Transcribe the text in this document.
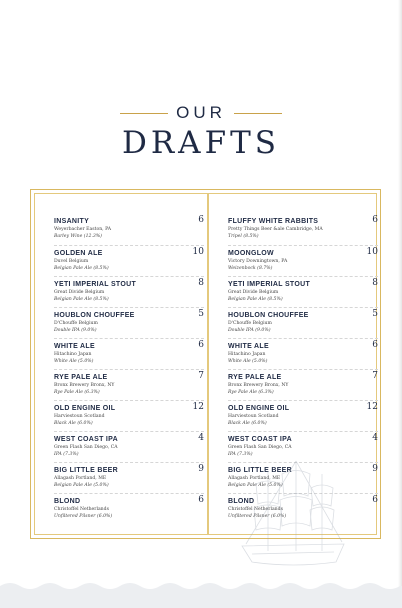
OUR
DRAFTS
INSANITY
Weyerbacher Easton, PA
Barley Wine (12.3%)
6
GOLDEN ALE
Duvel Belgium
Belgian Pale Ale (8.5%)
10
YETI IMPERIAL STOUT
Great Divide Belgium
Belgian Pale Ale (8.5%)
8
HOUBLON CHOUFFEE
D'Chouffe Belgium
Double IPA (9.0%)
5
WHITE ALE
Hitachino Japan
White Ale (5.0%)
6
RYE PALE ALE
Bronx Brewery Bronx, NY
Rye Pale Ale (6.3%)
7
OLD ENGINE OIL
Harviestoun Scotland
Black Ale (6.0%)
12
WEST COAST IPA
Green Flash San Diego, CA
IPA (7.3%)
4
BIG LITTLE BEER
Allagash Portland, ME
Belgian Pale Ale (5.0%)
9
BLOND
Christoffel Netherlands
Unfiltered Pilsner (6.0%)
6
FLUFFY WHITE RABBITS
Pretty Things Beer &ale Cambridge, MA
Tripel (8.5%)
6
MOONGLOW
Victory Downingtown, PA
Weizenbock (8.7%)
10
YETI IMPERIAL STOUT
Great Divide Belgium
Belgian Pale Ale (8.5%)
8
HOUBLON CHOUFFEE
D'Chouffe Belgium
Double IPA (9.0%)
5
WHITE ALE
Hitachino Japan
White Ale (5.0%)
6
RYE PALE ALE
Bronx Brewery Bronx, NY
Rye Pale Ale (6.3%)
7
OLD ENGINE OIL
Harviestoun Scotland
Black Ale (6.0%)
12
WEST COAST IPA
Green Flash San Diego, CA
IPA (7.3%)
4
BIG LITTLE BEER
Allagash Portland, ME
Belgian Pale Ale (5.0%)
9
BLOND
Christoffel Netherlands
Unfiltered Pilsner (6.0%)
6
